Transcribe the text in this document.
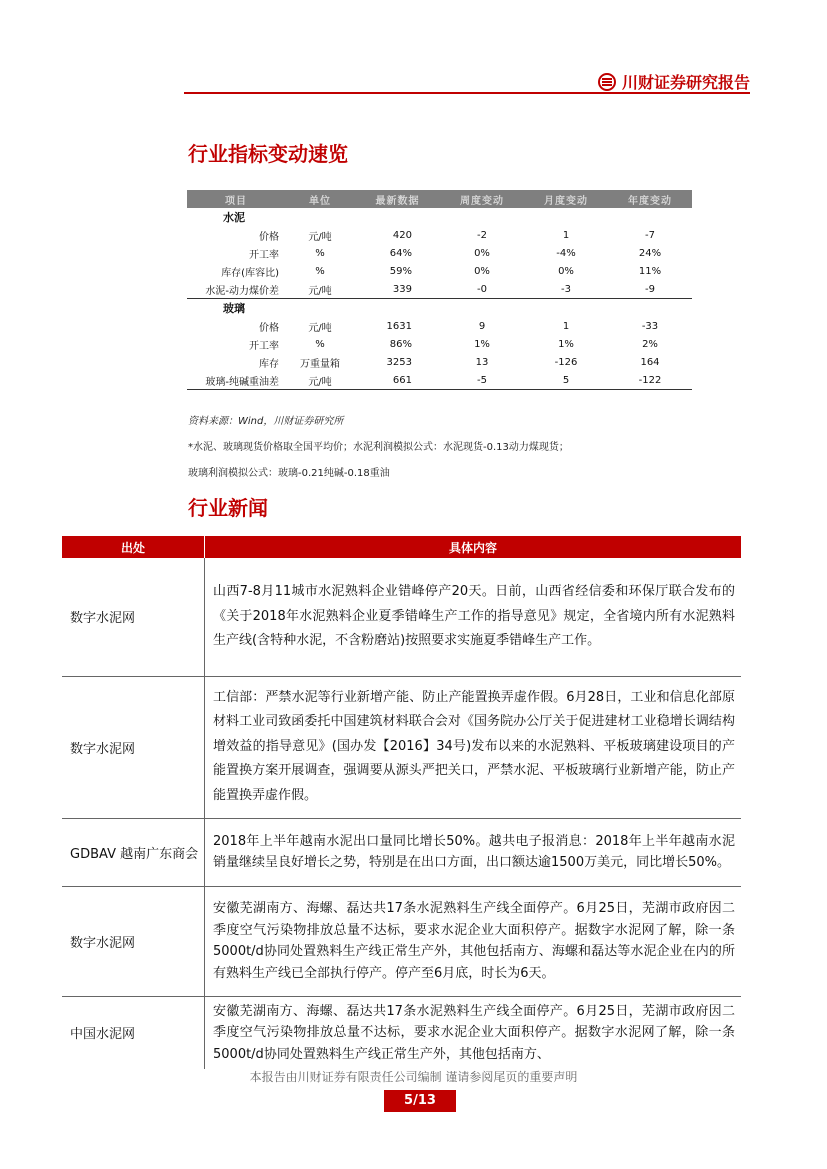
川财证券研究报告
行业指标变动速览
项目	单位	最新数据	周度变动	月度变动	年度变动
水泥					
价格	元/吨	420	-2	1	-7
开工率	%	64%	0%	-4%	24%
库存(库容比)	%	59%	0%	0%	11%
水泥-动力煤价差	元/吨	339	-0	-3	-9
玻璃					
价格	元/吨	1631	9	1	-33
开工率	%	86%	1%	1%	2%
库存	万重量箱	3253	13	-126	164
玻璃-纯碱重油差	元/吨	661	-5	5	-122
资料来源：Wind，川财证券研究所
*水泥、玻璃现货价格取全国平均价；水泥利润模拟公式：水泥现货-0.13动力煤现货；
玻璃利润模拟公式：玻璃-0.21纯碱-0.18重油
行业新闻
出处	具体内容
数字水泥网	山西7-8月11城市水泥熟料企业错峰停产20天。日前，山西省经信委和环保厅联合发布的《关于2018年水泥熟料企业夏季错峰生产工作的指导意见》规定，全省境内所有水泥熟料生产线(含特种水泥，不含粉磨站)按照要求实施夏季错峰生产工作。
数字水泥网	工信部：严禁水泥等行业新增产能、防止产能置换弄虚作假。6月28日，工业和信息化部原材料工业司致函委托中国建筑材料联合会对《国务院办公厅关于促进建材工业稳增长调结构增效益的指导意见》(国办发【2016】34号)发布以来的水泥熟料、平板玻璃建设项目的产能置换方案开展调查，强调要从源头严把关口，严禁水泥、平板玻璃行业新增产能，防止产能置换弄虚作假。
GDBAV 越南广东商会	2018年上半年越南水泥出口量同比增长50%。越共电子报消息：2018年上半年越南水泥销量继续呈良好增长之势，特别是在出口方面，出口额达逾1500万美元，同比增长50%。
数字水泥网	安徽芜湖南方、海螺、磊达共17条水泥熟料生产线全面停产。6月25日，芜湖市政府因二季度空气污染物排放总量不达标，要求水泥企业大面积停产。据数字水泥网了解，除一条5000t/d协同处置熟料生产线正常生产外，其他包括南方、海螺和磊达等水泥企业在内的所有熟料生产线已全部执行停产。停产至6月底，时长为6天。
中国水泥网	安徽芜湖南方、海螺、磊达共17条水泥熟料生产线全面停产。6月25日，芜湖市政府因二季度空气污染物排放总量不达标，要求水泥企业大面积停产。据数字水泥网了解，除一条5000t/d协同处置熟料生产线正常生产外，其他包括南方、
本报告由川财证券有限责任公司编制 谨请参阅尾页的重要声明
5/13
